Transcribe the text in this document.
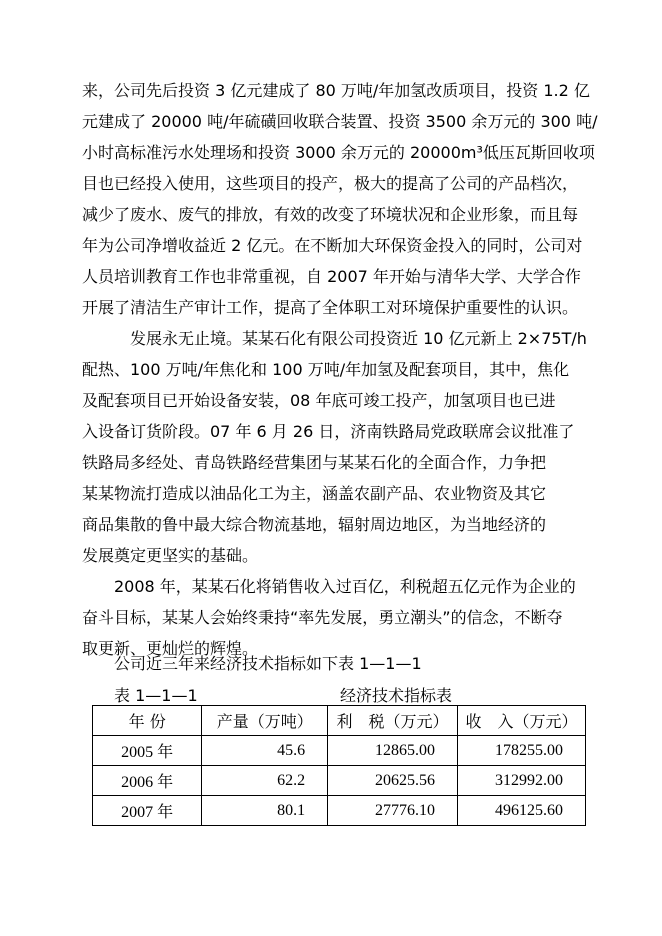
来，公司先后投资 3 亿元建成了 80 万吨/年加氢改质项目，投资 1.2 亿
元建成了 20000 吨/年硫磺回收联合装置、投资 3500 余万元的 300 吨/
小时高标准污水处理场和投资 3000 余万元的 20000m³低压瓦斯回收项
目也已经投入使用，这些项目的投产，极大的提高了公司的产品档次，
减少了废水、废气的排放，有效的改变了环境状况和企业形象，而且每
年为公司净增收益近 2 亿元。在不断加大环保资金投入的同时，公司对
人员培训教育工作也非常重视，自 2007 年开始与清华大学、大学合作
开展了清洁生产审计工作，提高了全体职工对环境保护重要性的认识。
发展永无止境。某某石化有限公司投资近 10 亿元新上 2×75T/h
配热、100 万吨/年焦化和 100 万吨/年加氢及配套项目，其中，焦化
及配套项目已开始设备安装，08 年底可竣工投产，加氢项目也已进
入设备订货阶段。07 年 6 月 26 日，济南铁路局党政联席会议批准了
铁路局多经处、青岛铁路经营集团与某某石化的全面合作，力争把
某某物流打造成以油品化工为主，涵盖农副产品、农业物资及其它
商品集散的鲁中最大综合物流基地，辐射周边地区，为当地经济的
发展奠定更坚实的基础。
2008 年，某某石化将销售收入过百亿，利税超五亿元作为企业的
奋斗目标，某某人会始终秉持“率先发展，勇立潮头”的信念，不断夺
取更新、更灿烂的辉煌。
公司近三年来经济技术指标如下表 1—1—1
表 1—1—1	经济技术指标表
年 份	产量（万吨）	利　税（万元）	收　入（万元）
2005 年	45.6	12865.00	178255.00
2006 年	62.2	20625.56	312992.00
2007 年	80.1	27776.10	496125.60
